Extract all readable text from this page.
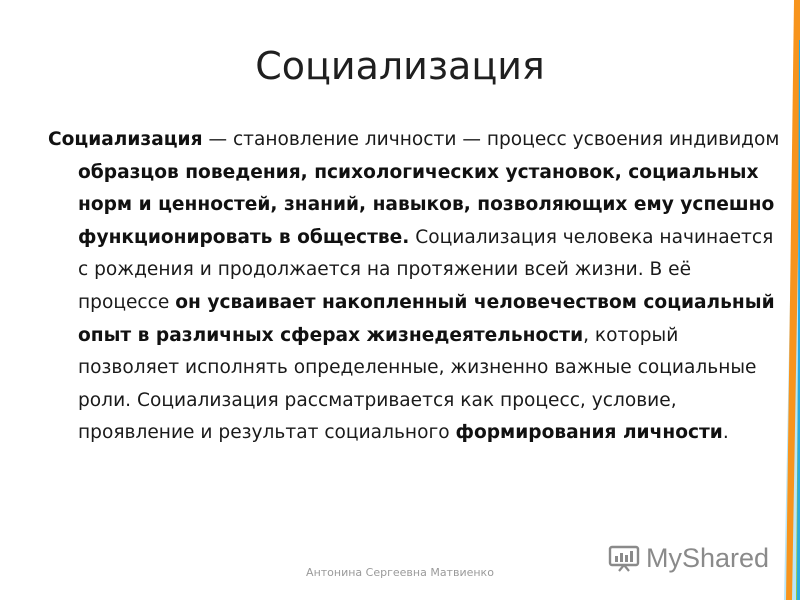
Социализация

Социализация — становление личности — процесс усвоения индивидом образцов поведения, психологических установок, социальных норм и ценностей, знаний, навыков, позволяющих ему успешно функционировать в обществе. Социализация человека начинается с рождения и продолжается на протяжении всей жизни. В её процессе он усваивает накопленный человечеством социальный опыт в различных сферах жизнедеятельности, который позволяет исполнять определенные, жизненно важные социальные роли. Социализация рассматривается как процесс, условие, проявление и результат социального формирования личности.

Антонина Сергеевна Матвиенко	MyShared
